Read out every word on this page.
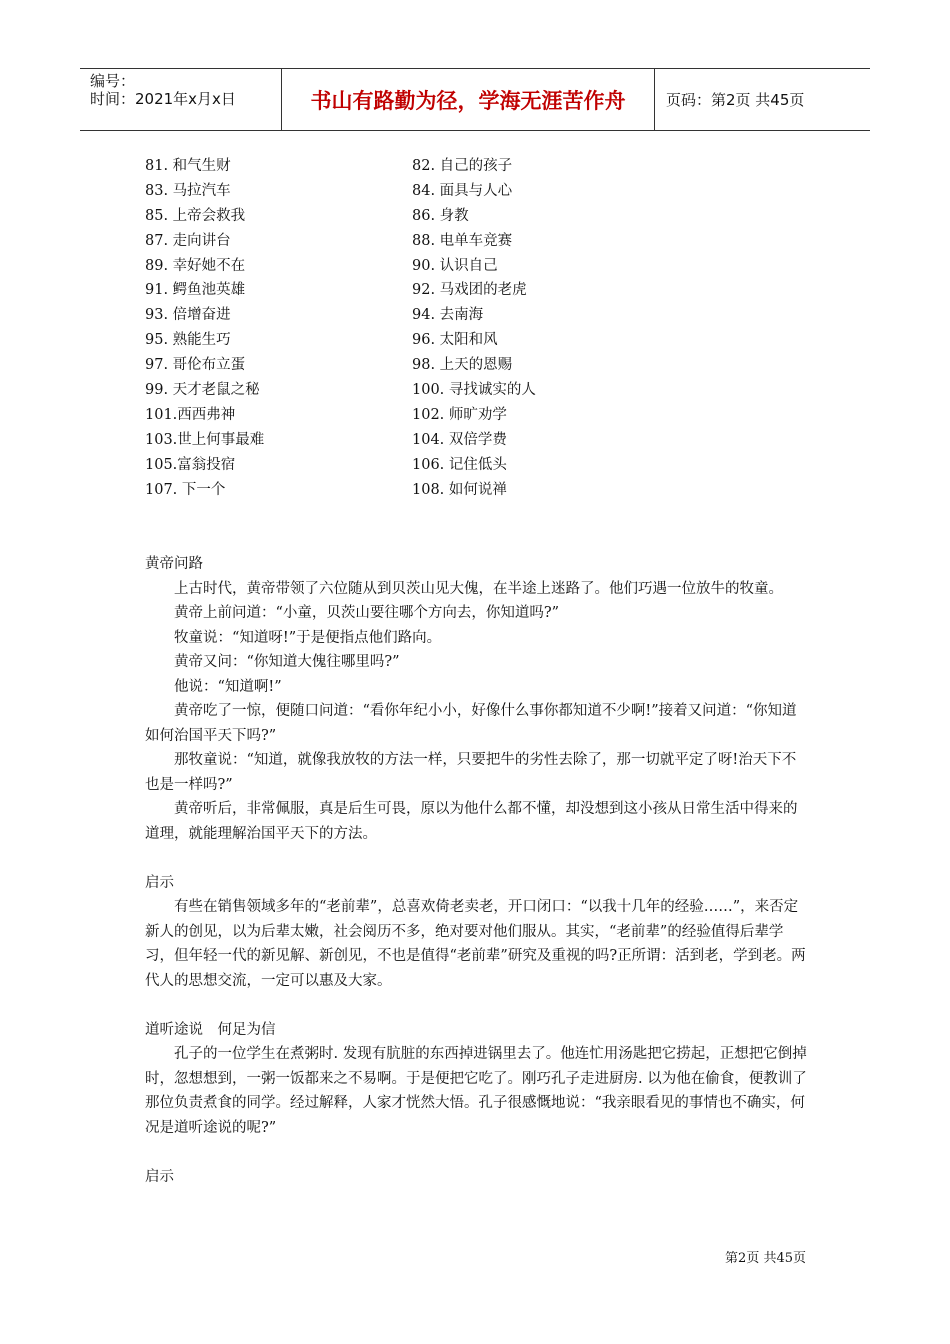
编号：
时间：2021年x月x日	书山有路勤为径，学海无涯苦作舟	页码：第2页 共45页
81. 和气生财	82. 自己的孩子
83. 马拉汽车	84. 面具与人心
85. 上帝会救我	86. 身教
87. 走向讲台	88. 电单车竞赛
89. 幸好她不在	90. 认识自己
91. 鳄鱼池英雄	92. 马戏团的老虎
93. 倍增奋进	94. 去南海
95. 熟能生巧	96. 太阳和风
97. 哥伦布立蛋	98. 上天的恩赐
99. 天才老鼠之秘	100. 寻找诚实的人
101.西西弗神	102. 师旷劝学
103.世上何事最难	104. 双倍学费
105.富翁投宿	106. 记住低头
107. 下一个	108. 如何说禅

黄帝问路

上古时代，黄帝带领了六位随从到贝茨山见大傀，在半途上迷路了。他们巧遇一位放牛的牧童。

黄帝上前问道：“小童，贝茨山要往哪个方向去，你知道吗?”

牧童说：“知道呀!”于是便指点他们路向。

黄帝又问：“你知道大傀往哪里吗?”

他说：“知道啊!”

黄帝吃了一惊，便随口问道：“看你年纪小小，好像什么事你都知道不少啊!”接着又问道：“你知道如何治国平天下吗?”

那牧童说：“知道，就像我放牧的方法一样，只要把牛的劣性去除了，那一切就平定了呀!治天下不也是一样吗?”

黄帝听后，非常佩服，真是后生可畏，原以为他什么都不懂，却没想到这小孩从日常生活中得来的道理，就能理解治国平天下的方法。

启示

有些在销售领域多年的“老前辈”，总喜欢倚老卖老，开口闭口：“以我十几年的经验……”，来否定新人的创见，以为后辈太嫩，社会阅历不多，绝对要对他们服从。其实，“老前辈”的经验值得后辈学习，但年轻一代的新见解、新创见，不也是值得“老前辈”研究及重视的吗?正所谓：活到老，学到老。两代人的思想交流，一定可以惠及大家。

道听途说　何足为信

孔子的一位学生在煮粥时. 发现有肮脏的东西掉进锅里去了。他连忙用汤匙把它捞起，正想把它倒掉时，忽想想到，一粥一饭都来之不易啊。于是便把它吃了。刚巧孔子走进厨房. 以为他在偷食，便教训了那位负责煮食的同学。经过解释，人家才恍然大悟。孔子很感慨地说：“我亲眼看见的事情也不确实，何况是道听途说的呢?”

启示

第2页 共45页
